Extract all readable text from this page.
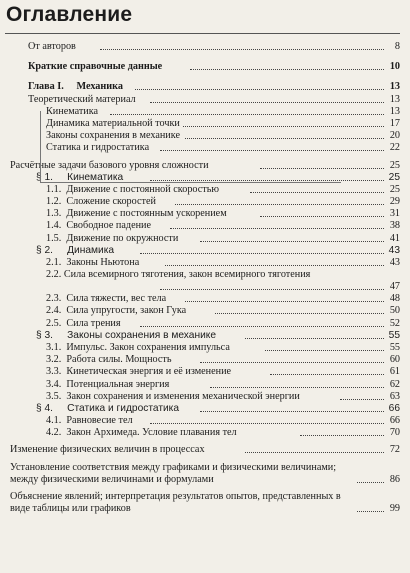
Оглавление
От авторов	8
Краткие справочные данные	10
Глава I.     Механика	13
Теоретический материал	13
Кинематика	13
Динамика материальной точки	17
Законы сохранения в механике	20
Статика и гидростатика	22
Расчётные задачи базового уровня сложности	25
§ 1.     Кинематика	25
1.1.  Движение с постоянной скоростью	25
1.2.  Сложение скоростей	29
1.3.  Движение с постоянным ускорением	31
1.4.  Свободное падение	38
1.5.  Движение по окружности	41
§ 2.     Динамика	43
2.1.  Законы Ньютона	43
2.2. Сила всемирного тяготения, закон всемирного тяготения
47
2.3.  Сила тяжести, вес тела	48
2.4.  Сила упругости, закон Гука	50
2.5.  Сила трения	52
§ 3.     Законы сохранения в механике	55
3.1.  Импульс. Закон сохранения импульса	55
3.2.  Работа силы. Мощность	60
3.3.  Кинетическая энергия и её изменение	61
3.4.  Потенциальная энергия	62
3.5.  Закон сохранения и изменения механической энергии	63
§ 4.     Статика и гидростатика	66
4.1.  Равновесие тел	66
4.2.  Закон Архимеда. Условие плавания тел	70
Изменение физических величин в процессах	72
Установление соответствия между графиками и физическими величинами; между физическими величинами и формулами	86
Объяснение явлений; интерпретация результатов опытов, представленных в виде таблицы или графиков	99
